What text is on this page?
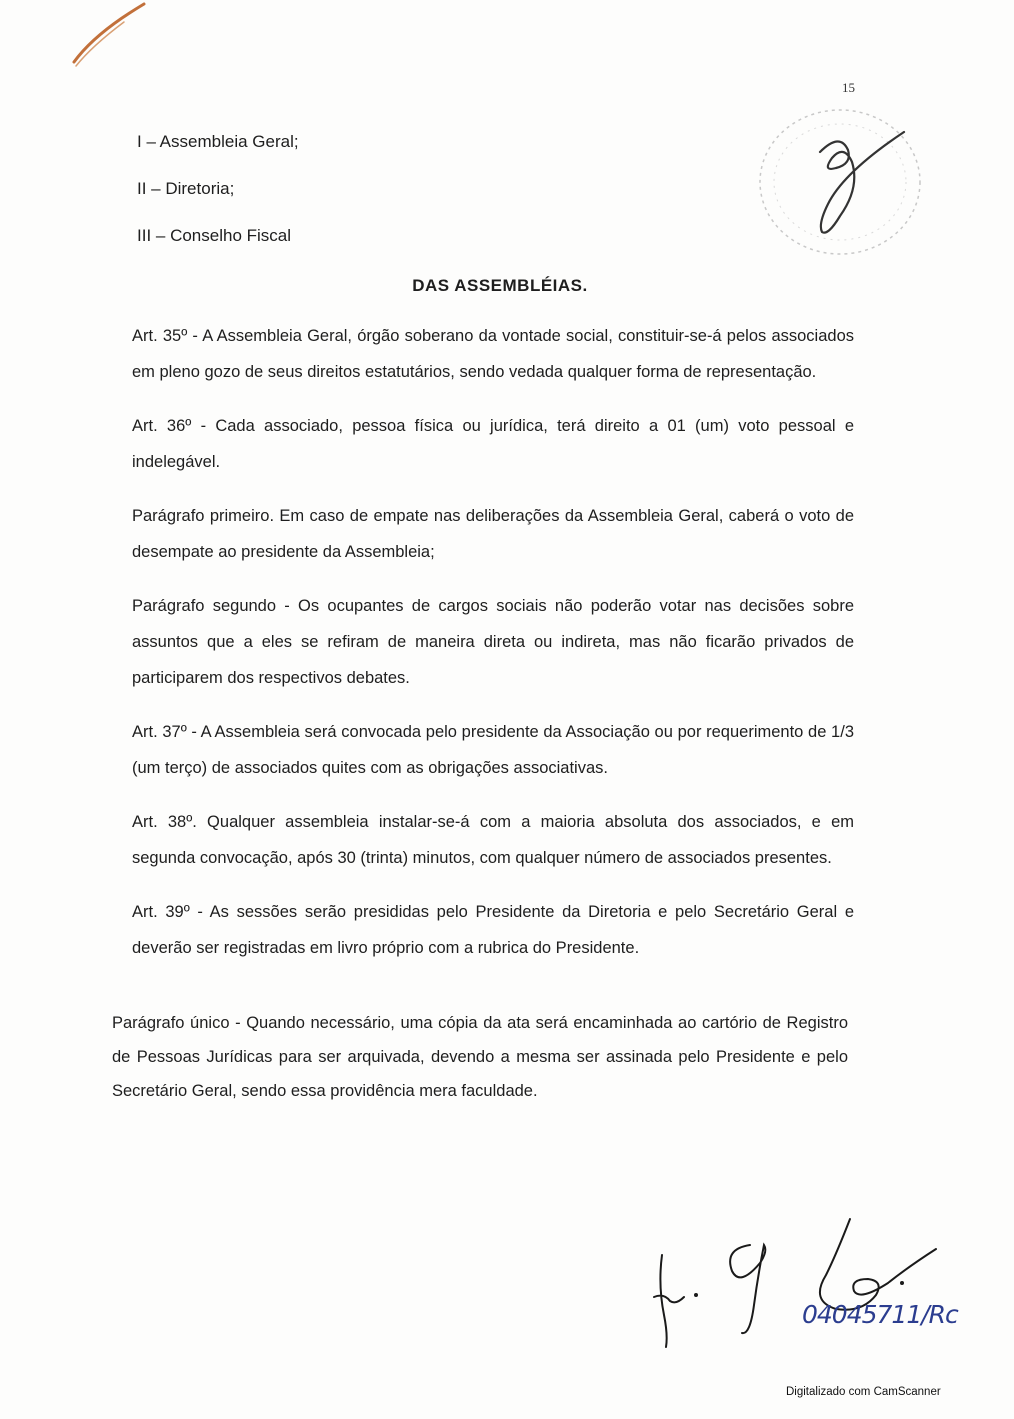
15
I – Assembleia Geral;
II – Diretoria;
III – Conselho Fiscal
DAS ASSEMBLÉIAS.

Art. 35º - A Assembleia Geral, órgão soberano da vontade social, constituir-se-á pelos associados em pleno gozo de seus direitos estatutários, sendo vedada qualquer forma de representação.

Art. 36º - Cada associado, pessoa física ou jurídica, terá direito a 01 (um) voto pessoal e indelegável.

Parágrafo primeiro. Em caso de empate nas deliberações da Assembleia Geral, caberá o voto de desempate ao presidente da Assembleia;

Parágrafo segundo - Os ocupantes de cargos sociais não poderão votar nas decisões sobre assuntos que a eles se refiram de maneira direta ou indireta, mas não ficarão privados de participarem dos respectivos debates.

Art. 37º - A Assembleia será convocada pelo presidente da Associação ou por requerimento de 1/3 (um terço) de associados quites com as obrigações associativas.

Art. 38º. Qualquer assembleia instalar-se-á com a maioria absoluta dos associados, e em segunda convocação, após 30 (trinta) minutos, com qualquer número de associados presentes.

Art. 39º - As sessões serão presididas pelo Presidente da Diretoria e pelo Secretário Geral e deverão ser registradas em livro próprio com a rubrica do Presidente.

Parágrafo único - Quando necessário, uma cópia da ata será encaminhada ao cartório de Registro de Pessoas Jurídicas para ser arquivada, devendo a mesma ser assinada pelo Presidente e pelo Secretário Geral, sendo essa providência mera faculdade.

04045711/Rc
Digitalizado com CamScanner
